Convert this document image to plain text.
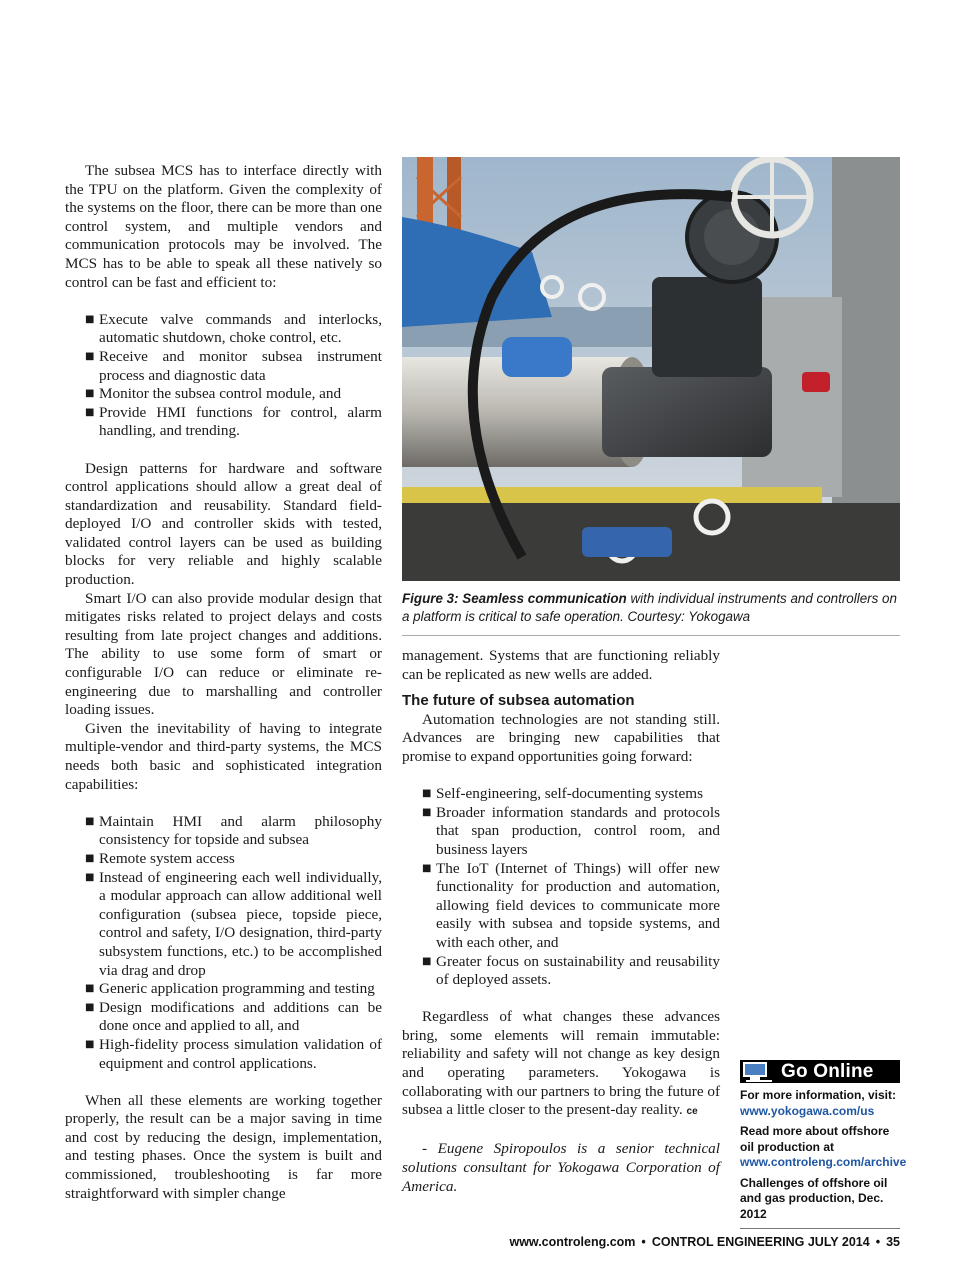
The subsea MCS has to interface directly with the TPU on the platform. Given the complexity of the systems on the floor, there can be more than one control system, and multiple vendors and communication protocols may be involved. The MCS has to be able to speak all these natively so control can be fast and efficient to:

■ Execute valve commands and interlocks, automatic shutdown, choke control, etc.
■ Receive and monitor subsea instrument process and diagnostic data
■ Monitor the subsea control module, and
■ Provide HMI functions for control, alarm handling, and trending.

Design patterns for hardware and software control applications should allow a great deal of standardization and reusability. Standard field-deployed I/O and controller skids with tested, validated control layers can be used as building blocks for very reliable and highly scalable production.

Smart I/O can also provide modular design that mitigates risks related to project delays and costs resulting from late project changes and additions. The ability to use some form of smart or configurable I/O can reduce or eliminate re-engineering due to marshalling and controller loading issues.

Given the inevitability of having to integrate multiple-vendor and third-party systems, the MCS needs both basic and sophisticated integration capabilities:

■ Maintain HMI and alarm philosophy consistency for topside and subsea
■ Remote system access
■ Instead of engineering each well individually, a modular approach can allow additional well configuration (subsea piece, topside piece, control and safety, I/O designation, third-party subsystem functions, etc.) to be accomplished via drag and drop
■ Generic application programming and testing
■ Design modifications and additions can be done once and applied to all, and
■ High-fidelity process simulation validation of equipment and control applications.

When all these elements are working together properly, the result can be a major saving in time and cost by reducing the design, implementation, and testing phases. Once the system is built and commissioned, troubleshooting is far more straightforward with simpler change

Figure 3: Seamless communication with individual instruments and controllers on a platform is critical to safe operation. Courtesy: Yokogawa

management. Systems that are functioning reliably can be replicated as new wells are added.

The future of subsea automation

Automation technologies are not standing still. Advances are bringing new capabilities that promise to expand opportunities going forward:

■ Self-engineering, self-documenting systems
■ Broader information standards and protocols that span production, control room, and business layers
■ The IoT (Internet of Things) will offer new functionality for production and automation, allowing field devices to communicate more easily with subsea and topside systems, and with each other, and
■ Greater focus on sustainability and reusability of deployed assets.

Regardless of what changes these advances bring, some elements will remain immutable: reliability and safety will not change as key design and operating parameters. Yokogawa is collaborating with our partners to bring the future of subsea a little closer to the present-day reality. ce

- Eugene Spiropoulos is a senior technical solutions consultant for Yokogawa Corporation of America.

Go Online
For more information, visit:
www.yokogawa.com/us
Read more about offshore oil production at
www.controleng.com/archive
Challenges of offshore oil and gas production, Dec. 2012
www.controleng.com • CONTROL ENGINEERING JULY 2014 • 35
